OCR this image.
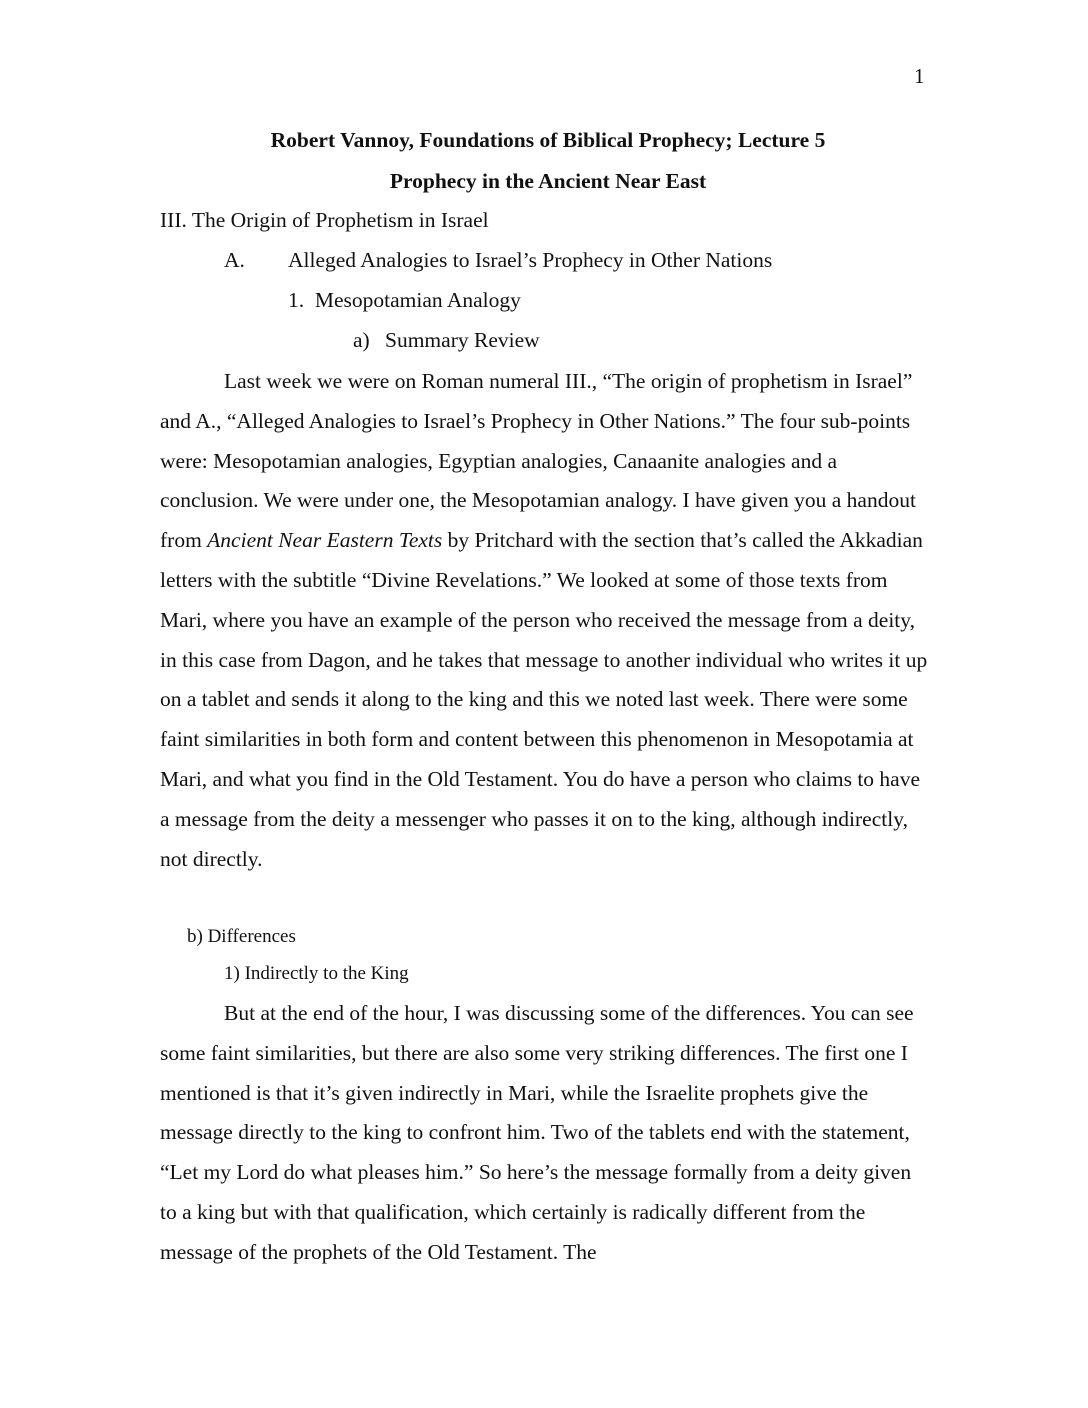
1
Robert Vannoy, Foundations of Biblical Prophecy; Lecture 5
Prophecy in the Ancient Near East
III. The Origin of Prophetism in Israel
A. Alleged Analogies to Israel’s Prophecy in Other Nations
1.  Mesopotamian Analogy
a) Summary Review

Last week we were on Roman numeral III., “The origin of prophetism in Israel” and A., “Alleged Analogies to Israel’s Prophecy in Other Nations.” The four sub-points were: Mesopotamian analogies, Egyptian analogies, Canaanite analogies and a conclusion. We were under one, the Mesopotamian analogy. I have given you a handout from Ancient Near Eastern Texts by Pritchard with the section that’s called the Akkadian letters with the subtitle “Divine Revelations.” We looked at some of those texts from Mari, where you have an example of the person who received the message from a deity, in this case from Dagon, and he takes that message to another individual who writes it up on a tablet and sends it along to the king and this we noted last week. There were some faint similarities in both form and content between this phenomenon in Mesopotamia at Mari, and what you find in the Old Testament. You do have a person who claims to have a message from the deity a messenger who passes it on to the king, although indirectly, not directly.

b) Differences
1) Indirectly to the King

But at the end of the hour, I was discussing some of the differences. You can see some faint similarities, but there are also some very striking differences. The first one I mentioned is that it’s given indirectly in Mari, while the Israelite prophets give the message directly to the king to confront him. Two of the tablets end with the statement, “Let my Lord do what pleases him.” So here’s the message formally from a deity given to a king but with that qualification, which certainly is radically different from the message of the prophets of the Old Testament. The
